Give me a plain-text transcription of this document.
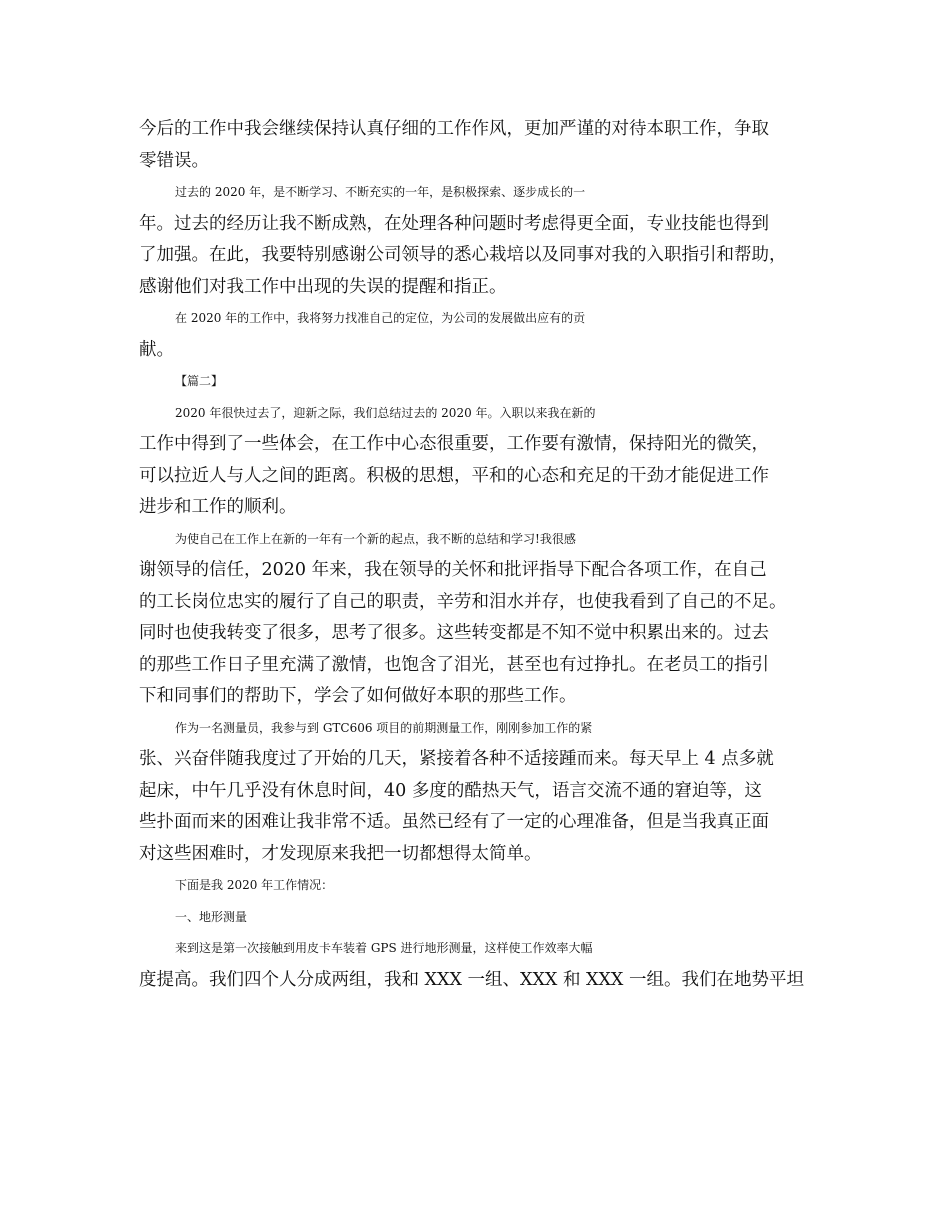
今后的工作中我会继续保持认真仔细的工作作风，更加严谨的对待本职工作，争取
零错误。
过去的 2020 年，是不断学习、不断充实的一年，是积极探索、逐步成长的一
年。过去的经历让我不断成熟，在处理各种问题时考虑得更全面，专业技能也得到
了加强。在此，我要特别感谢公司领导的悉心栽培以及同事对我的入职指引和帮助，
感谢他们对我工作中出现的失误的提醒和指正。
在 2020 年的工作中，我将努力找准自己的定位，为公司的发展做出应有的贡
献。
【篇二】
2020 年很快过去了，迎新之际，我们总结过去的 2020 年。入职以来我在新的
工作中得到了一些体会，在工作中心态很重要，工作要有激情，保持阳光的微笑，
可以拉近人与人之间的距离。积极的思想，平和的心态和充足的干劲才能促进工作
进步和工作的顺利。
为使自己在工作上在新的一年有一个新的起点，我不断的总结和学习!我很感
谢领导的信任，2020 年来，我在领导的关怀和批评指导下配合各项工作，在自己
的工长岗位忠实的履行了自己的职责，辛劳和泪水并存，也使我看到了自己的不足。
同时也使我转变了很多，思考了很多。这些转变都是不知不觉中积累出来的。过去
的那些工作日子里充满了激情，也饱含了泪光，甚至也有过挣扎。在老员工的指引
下和同事们的帮助下，学会了如何做好本职的那些工作。
作为一名测量员，我参与到 GTC606 项目的前期测量工作，刚刚参加工作的紧
张、兴奋伴随我度过了开始的几天，紧接着各种不适接踵而来。每天早上 4 点多就
起床，中午几乎没有休息时间，40 多度的酷热天气，语言交流不通的窘迫等，这
些扑面而来的困难让我非常不适。虽然已经有了一定的心理准备，但是当我真正面
对这些困难时，才发现原来我把一切都想得太简单。
下面是我 2020 年工作情况：
一、地形测量
来到这是第一次接触到用皮卡车装着 GPS 进行地形测量，这样使工作效率大幅
度提高。我们四个人分成两组，我和 XXX 一组、XXX 和 XXX 一组。我们在地势平坦
